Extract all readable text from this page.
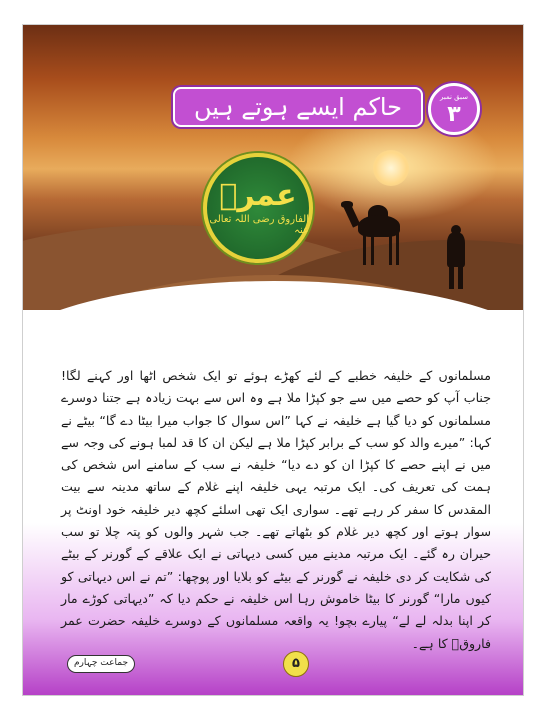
حاکم ایسے ہوتے ہیں	سبق نمبر
۳
عمرؓ
الفاروق رضی اللہ تعالی عنہ
مسلمانوں کے خلیفہ خطبے کے لئے کھڑے ہوئے تو ایک شخص اٹھا اور کہنے لگا! جناب آپ کو حصے میں سے جو کپڑا ملا ہے وہ اس سے بہت زیادہ ہے جتنا دوسرے مسلمانوں کو دیا گیا ہے خلیفہ نے کہا ”اس سوال کا جواب میرا بیٹا دے گا“ بیٹے نے کہا: ”میرے والد کو سب کے برابر کپڑا ملا ہے لیکن ان کا قد لمبا ہونے کی وجہ سے میں نے اپنے حصے کا کپڑا ان کو دے دیا“ خلیفہ نے سب کے سامنے اس شخص کی ہمت کی تعریف کی۔ ایک مرتبہ یہی خلیفہ اپنے غلام کے ساتھ مدینہ سے بیت المقدس کا سفر کر رہے تھے۔ سواری ایک تھی اسلئے کچھ دیر خلیفہ خود اونٹ پر سوار ہوتے اور کچھ دیر غلام کو بٹھاتے تھے۔ جب شہر والوں کو پتہ چلا تو سب حیران رہ گئے۔ ایک مرتبہ مدینے میں کسی دیہاتی نے ایک علاقے کے گورنر کے بیٹے کی شکایت کر دی خلیفہ نے گورنر کے بیٹے کو بلایا اور پوچھا: ”تم نے اس دیہاتی کو کیوں مارا“ گورنر کا بیٹا خاموش رہا اس خلیفہ نے حکم دیا کہ ”دیہاتی کوڑے مار کر اپنا بدلہ لے لے“ پیارے بچو! یہ واقعہ مسلمانوں کے دوسرے خلیفہ حضرت عمر فاروقؓ کا ہے۔
جماعت چہارم	۵
